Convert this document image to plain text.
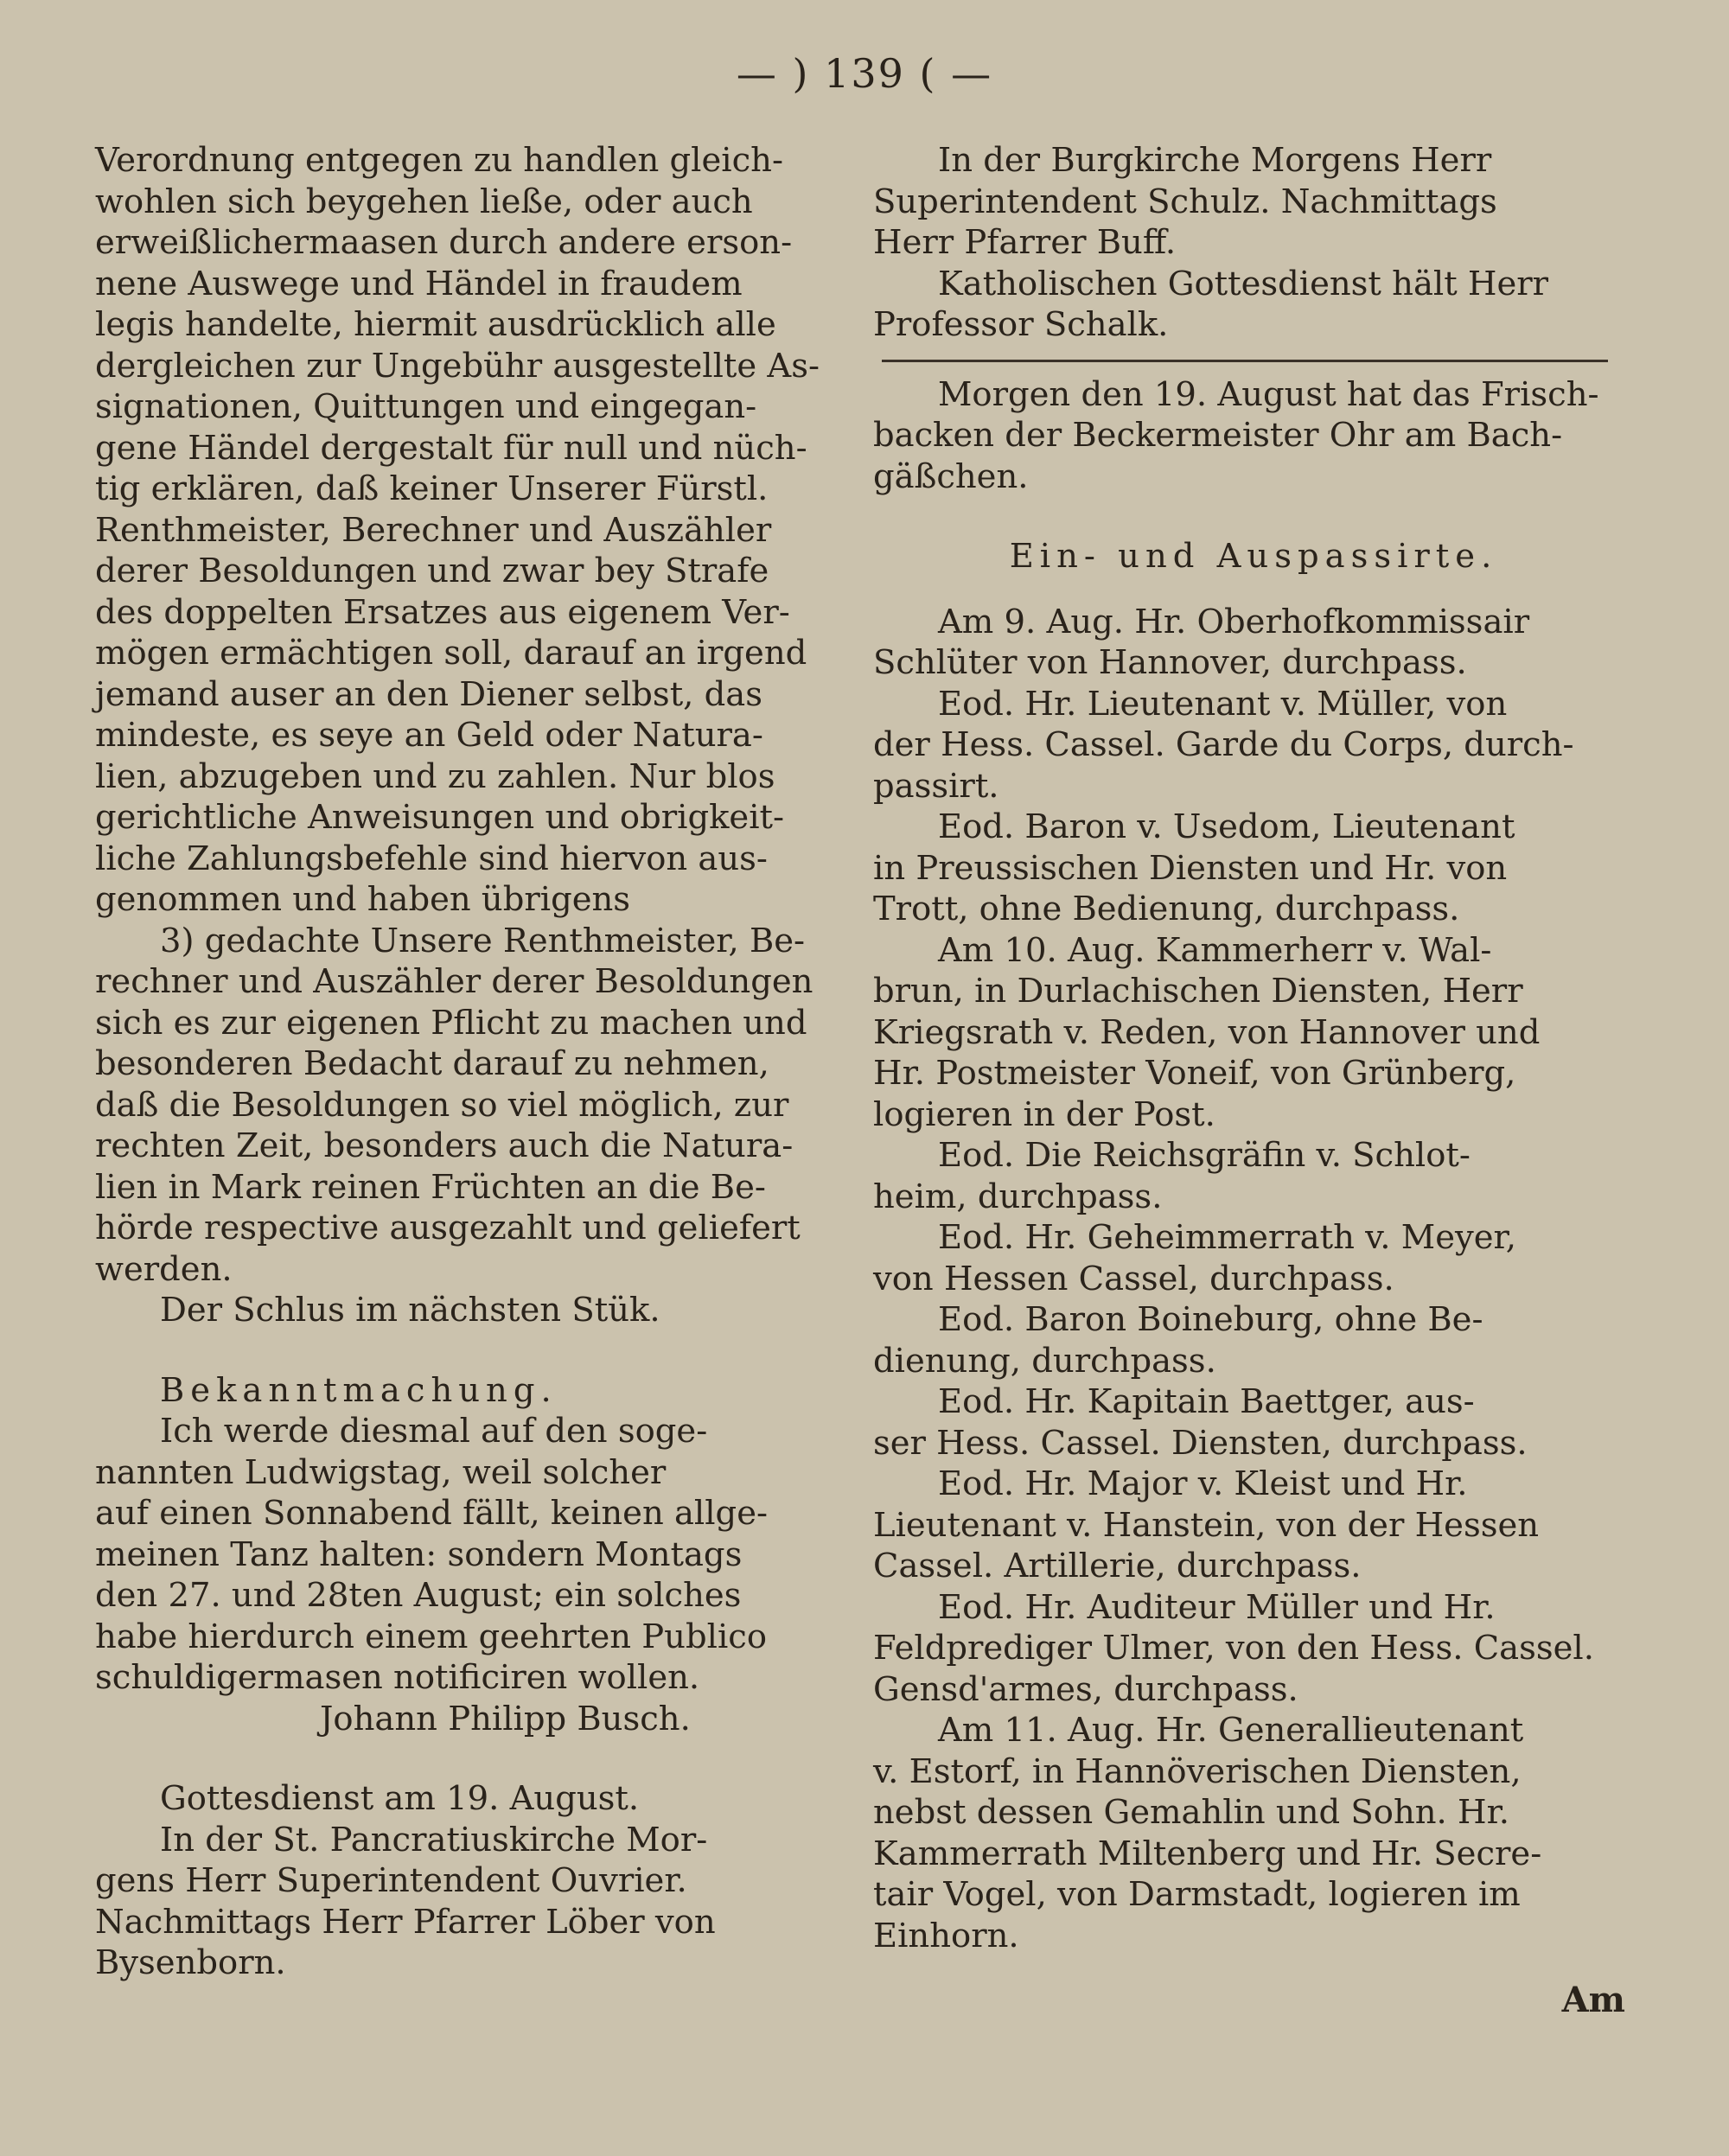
— ) 139 ( —
Verordnung entgegen zu handlen gleich-
wohlen sich beygehen ließe, oder auch
erweißlichermaasen durch andere erson-
nene Auswege und Händel in fraudem
legis handelte, hiermit ausdrücklich alle
dergleichen zur Ungebühr ausgestellte As-
signationen, Quittungen und eingegan-
gene Händel dergestalt für null und nüch-
tig erklären, daß keiner Unserer Fürstl.
Renthmeister, Berechner und Auszähler
derer Besoldungen und zwar bey Strafe
des doppelten Ersatzes aus eigenem Ver-
mögen ermächtigen soll, darauf an irgend
jemand auser an den Diener selbst, das
mindeste, es seye an Geld oder Natura-
lien, abzugeben und zu zahlen. Nur blos
gerichtliche Anweisungen und obrigkeit-
liche Zahlungsbefehle sind hiervon aus-
genommen und haben übrigens
3) gedachte Unsere Renthmeister, Be-
rechner und Auszähler derer Besoldungen
sich es zur eigenen Pflicht zu machen und
besonderen Bedacht darauf zu nehmen,
daß die Besoldungen so viel möglich, zur
rechten Zeit, besonders auch die Natura-
lien in Mark reinen Früchten an die Be-
hörde respective ausgezahlt und geliefert
werden.
Der Schlus im nächsten Stük.
Bekanntmachung.
Ich werde diesmal auf den soge-
nannten Ludwigstag, weil solcher
auf einen Sonnabend fällt, keinen allge-
meinen Tanz halten: sondern Montags
den 27. und 28ten August; ein solches
habe hierdurch einem geehrten Publico
schuldigermasen notificiren wollen.
Johann Philipp Busch.
Gottesdienst am 19. August.
In der St. Pancratiuskirche Mor-
gens Herr Superintendent Ouvrier.
Nachmittags Herr Pfarrer Löber von
Bysenborn.
In der Burgkirche Morgens Herr
Superintendent Schulz. Nachmittags
Herr Pfarrer Buff.
Katholischen Gottesdienst hält Herr
Professor Schalk.
Morgen den 19. August hat das Frisch-
backen der Beckermeister Ohr am Bach-
gäßchen.
Ein- und Auspassirte.
Am 9. Aug. Hr. Oberhofkommissair
Schlüter von Hannover, durchpass.
Eod. Hr. Lieutenant v. Müller, von
der Hess. Cassel. Garde du Corps, durch-
passirt.
Eod. Baron v. Usedom, Lieutenant
in Preussischen Diensten und Hr. von
Trott, ohne Bedienung, durchpass.
Am 10. Aug. Kammerherr v. Wal-
brun, in Durlachischen Diensten, Herr
Kriegsrath v. Reden, von Hannover und
Hr. Postmeister Voneif, von Grünberg,
logieren in der Post.
Eod. Die Reichsgräfin v. Schlot-
heim, durchpass.
Eod. Hr. Geheimmerrath v. Meyer,
von Hessen Cassel, durchpass.
Eod. Baron Boineburg, ohne Be-
dienung, durchpass.
Eod. Hr. Kapitain Baettger, aus-
ser Hess. Cassel. Diensten, durchpass.
Eod. Hr. Major v. Kleist und Hr.
Lieutenant v. Hanstein, von der Hessen
Cassel. Artillerie, durchpass.
Eod. Hr. Auditeur Müller und Hr.
Feldprediger Ulmer, von den Hess. Cassel.
Gensd'armes, durchpass.
Am 11. Aug. Hr. Generallieutenant
v. Estorf, in Hannöverischen Diensten,
nebst dessen Gemahlin und Sohn. Hr.
Kammerrath Miltenberg und Hr. Secre-
tair Vogel, von Darmstadt, logieren im
Einhorn.
Am
